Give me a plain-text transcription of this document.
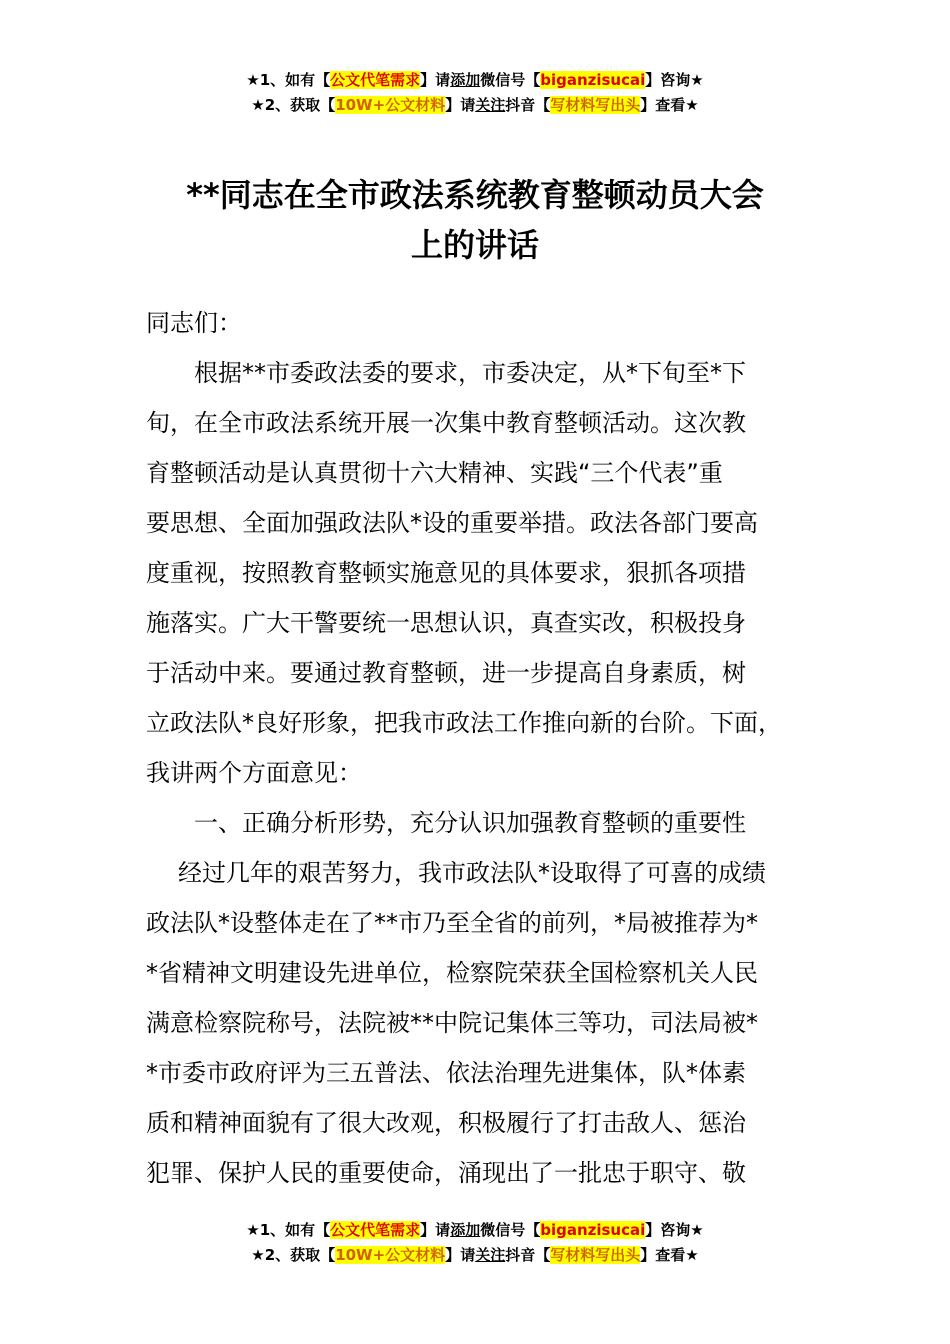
★1、如有【公文代笔需求】请添加微信号【biganzisucai】咨询★
★2、获取【10W+公文材料】请关注抖音【写材料写出头】查看★
**同志在全市政法系统教育整顿动员大会
上的讲话
同志们：
根据**市委政法委的要求，市委决定，从*下旬至*下
旬，在全市政法系统开展一次集中教育整顿活动。这次教
育整顿活动是认真贯彻十六大精神、实践“三个代表”重
要思想、全面加强政法队*设的重要举措。政法各部门要高
度重视，按照教育整顿实施意见的具体要求，狠抓各项措
施落实。广大干警要统一思想认识，真查实改，积极投身
于活动中来。要通过教育整顿，进一步提高自身素质，树
立政法队*良好形象，把我市政法工作推向新的台阶。下面，
我讲两个方面意见：
一、正确分析形势，充分认识加强教育整顿的重要性
经过几年的艰苦努力，我市政法队*设取得了可喜的成绩
政法队*设整体走在了**市乃至全省的前列，*局被推荐为*
*省精神文明建设先进单位，检察院荣获全国检察机关人民
满意检察院称号，法院被**中院记集体三等功，司法局被*
*市委市政府评为三五普法、依法治理先进集体，队*体素
质和精神面貌有了很大改观，积极履行了打击敌人、惩治
犯罪、保护人民的重要使命，涌现出了一批忠于职守、敬
★1、如有【公文代笔需求】请添加微信号【biganzisucai】咨询★
★2、获取【10W+公文材料】请关注抖音【写材料写出头】查看★
